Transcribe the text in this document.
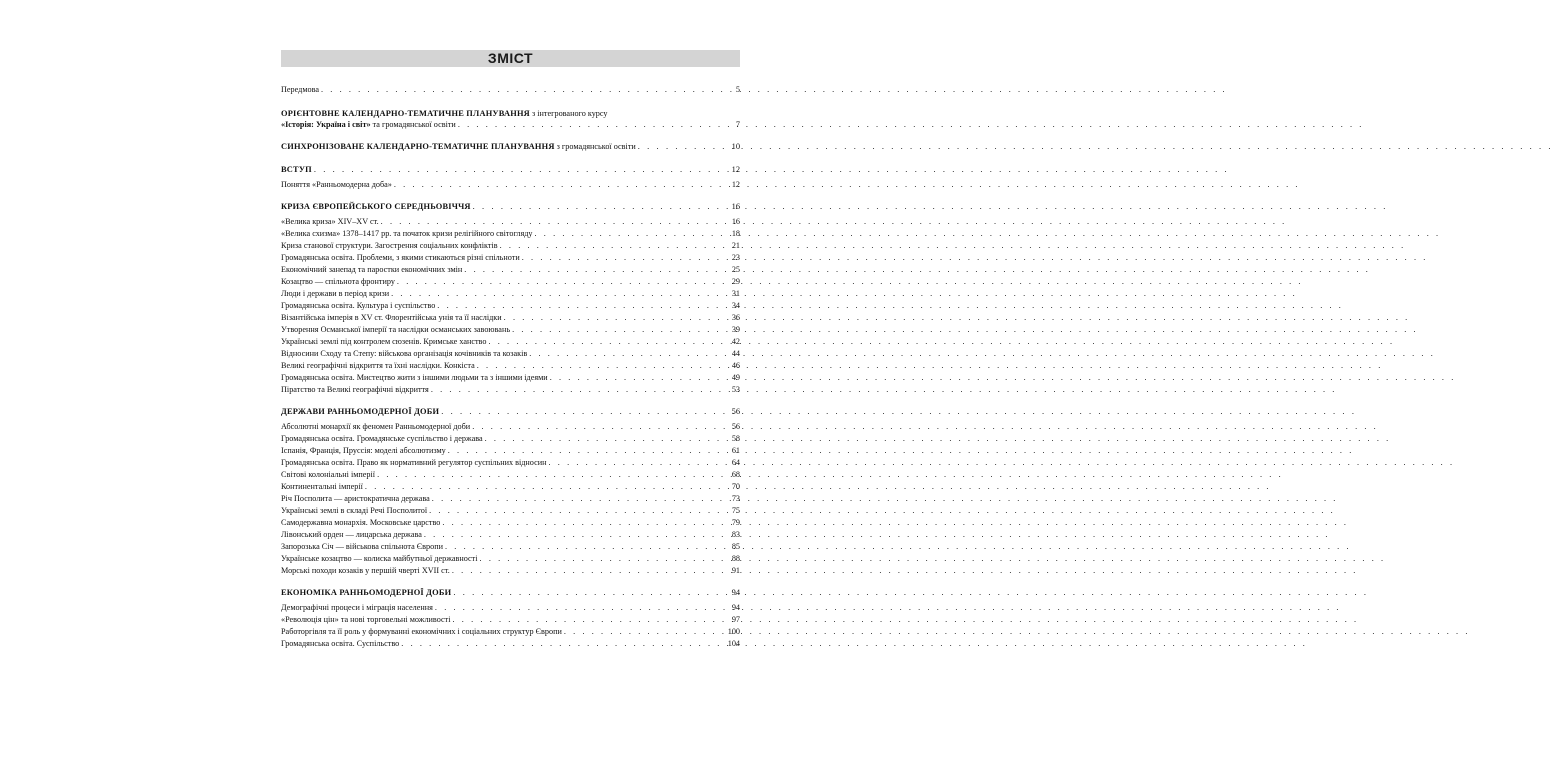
ЗМІСТ
Передмова . . .	5
ОРІЄНТОВНЕ КАЛЕНДАРНО-ТЕМАТИЧНЕ ПЛАНУВАННЯ з інтегрованого курсу
«Історія: Україна і світ» та громадянської освіти . . .	7
СИНХРОНІЗОВАНЕ КАЛЕНДАРНО-ТЕМАТИЧНЕ ПЛАНУВАННЯ з громадянської освіти . . .	10
ВСТУП . . .	12
Поняття «Ранньомодерна доба» . . .	12
КРИЗА ЄВРОПЕЙСЬКОГО СЕРЕДНЬОВІЧЧЯ . . .	16
«Велика криза» XIV–XV ст. . . .	16
«Велика схизма» 1378–1417 рр. та початок кризи релігійного світогляду . . .	18
Криза станової структури. Загострення соціальних конфліктів . . .	21
Громадянська освіта. Проблеми, з якими стикаються різні спільноти . . .	23
Економічний занепад та паростки економічних змін . . .	25
Козацтво — спільнота фронтиру . . .	29
Люди і держави в період кризи . . .	31
Громадянська освіта. Культура і суспільство . . .	34
Візантійська імперія в XV ст. Флорентійська унія та її наслідки . . .	36
Утворення Османської імперії та наслідки османських завоювань . . .	39
Українські землі під контролем сюзенів. Кримське ханство . . .	42
Відносини Сходу та Степу: військова організація кочівників та козаків . . .	44
Великі географічні відкриття та їхні наслідки. Конкіста . . .	46
Громадянська освіта. Мистецтво жити з іншими людьми та з іншими ідеями . . .	49
Піратство та Великі географічні відкриття . . .	53
ДЕРЖАВИ РАННЬОМОДЕРНОЇ ДОБИ . . .	56
Абсолютні монархії як феномен Ранньомодерної доби . . .	56
Громадянська освіта. Громадянське суспільство і держава . . .	58
Іспанія, Франція, Пруссія: моделі абсолютизму . . .	61
Громадянська освіта. Право як нормативний регулятор суспільних відносин . . .	64
Світові колоніальні імперії . . .	68
Континентальні імперії . . .	70
Річ Посполита — аристократична держава . . .	73
Українські землі в складі Речі Посполитої . . .	75
Самодержавна монархія. Московське царство . . .	79
Лівонський орден — лицарська держава . . .	83
Запорозька Січ — військова спільнота Європи . . .	85
Українське козацтво — колиска майбутньої державності . . .	88
Морські походи козаків у першій чверті XVII ст. . . .	91
ЕКОНОМІКА РАННЬОМОДЕРНОЇ ДОБИ . . .	94
Демографічні процеси і міграція населення . . .	94
«Революція цін» та нові торговельні можливості . . .	97
Работоргівля та її роль у формуванні економічних і соціальних структур Європи . . .	100
Громадянська освіта. Суспільство . . .	104
